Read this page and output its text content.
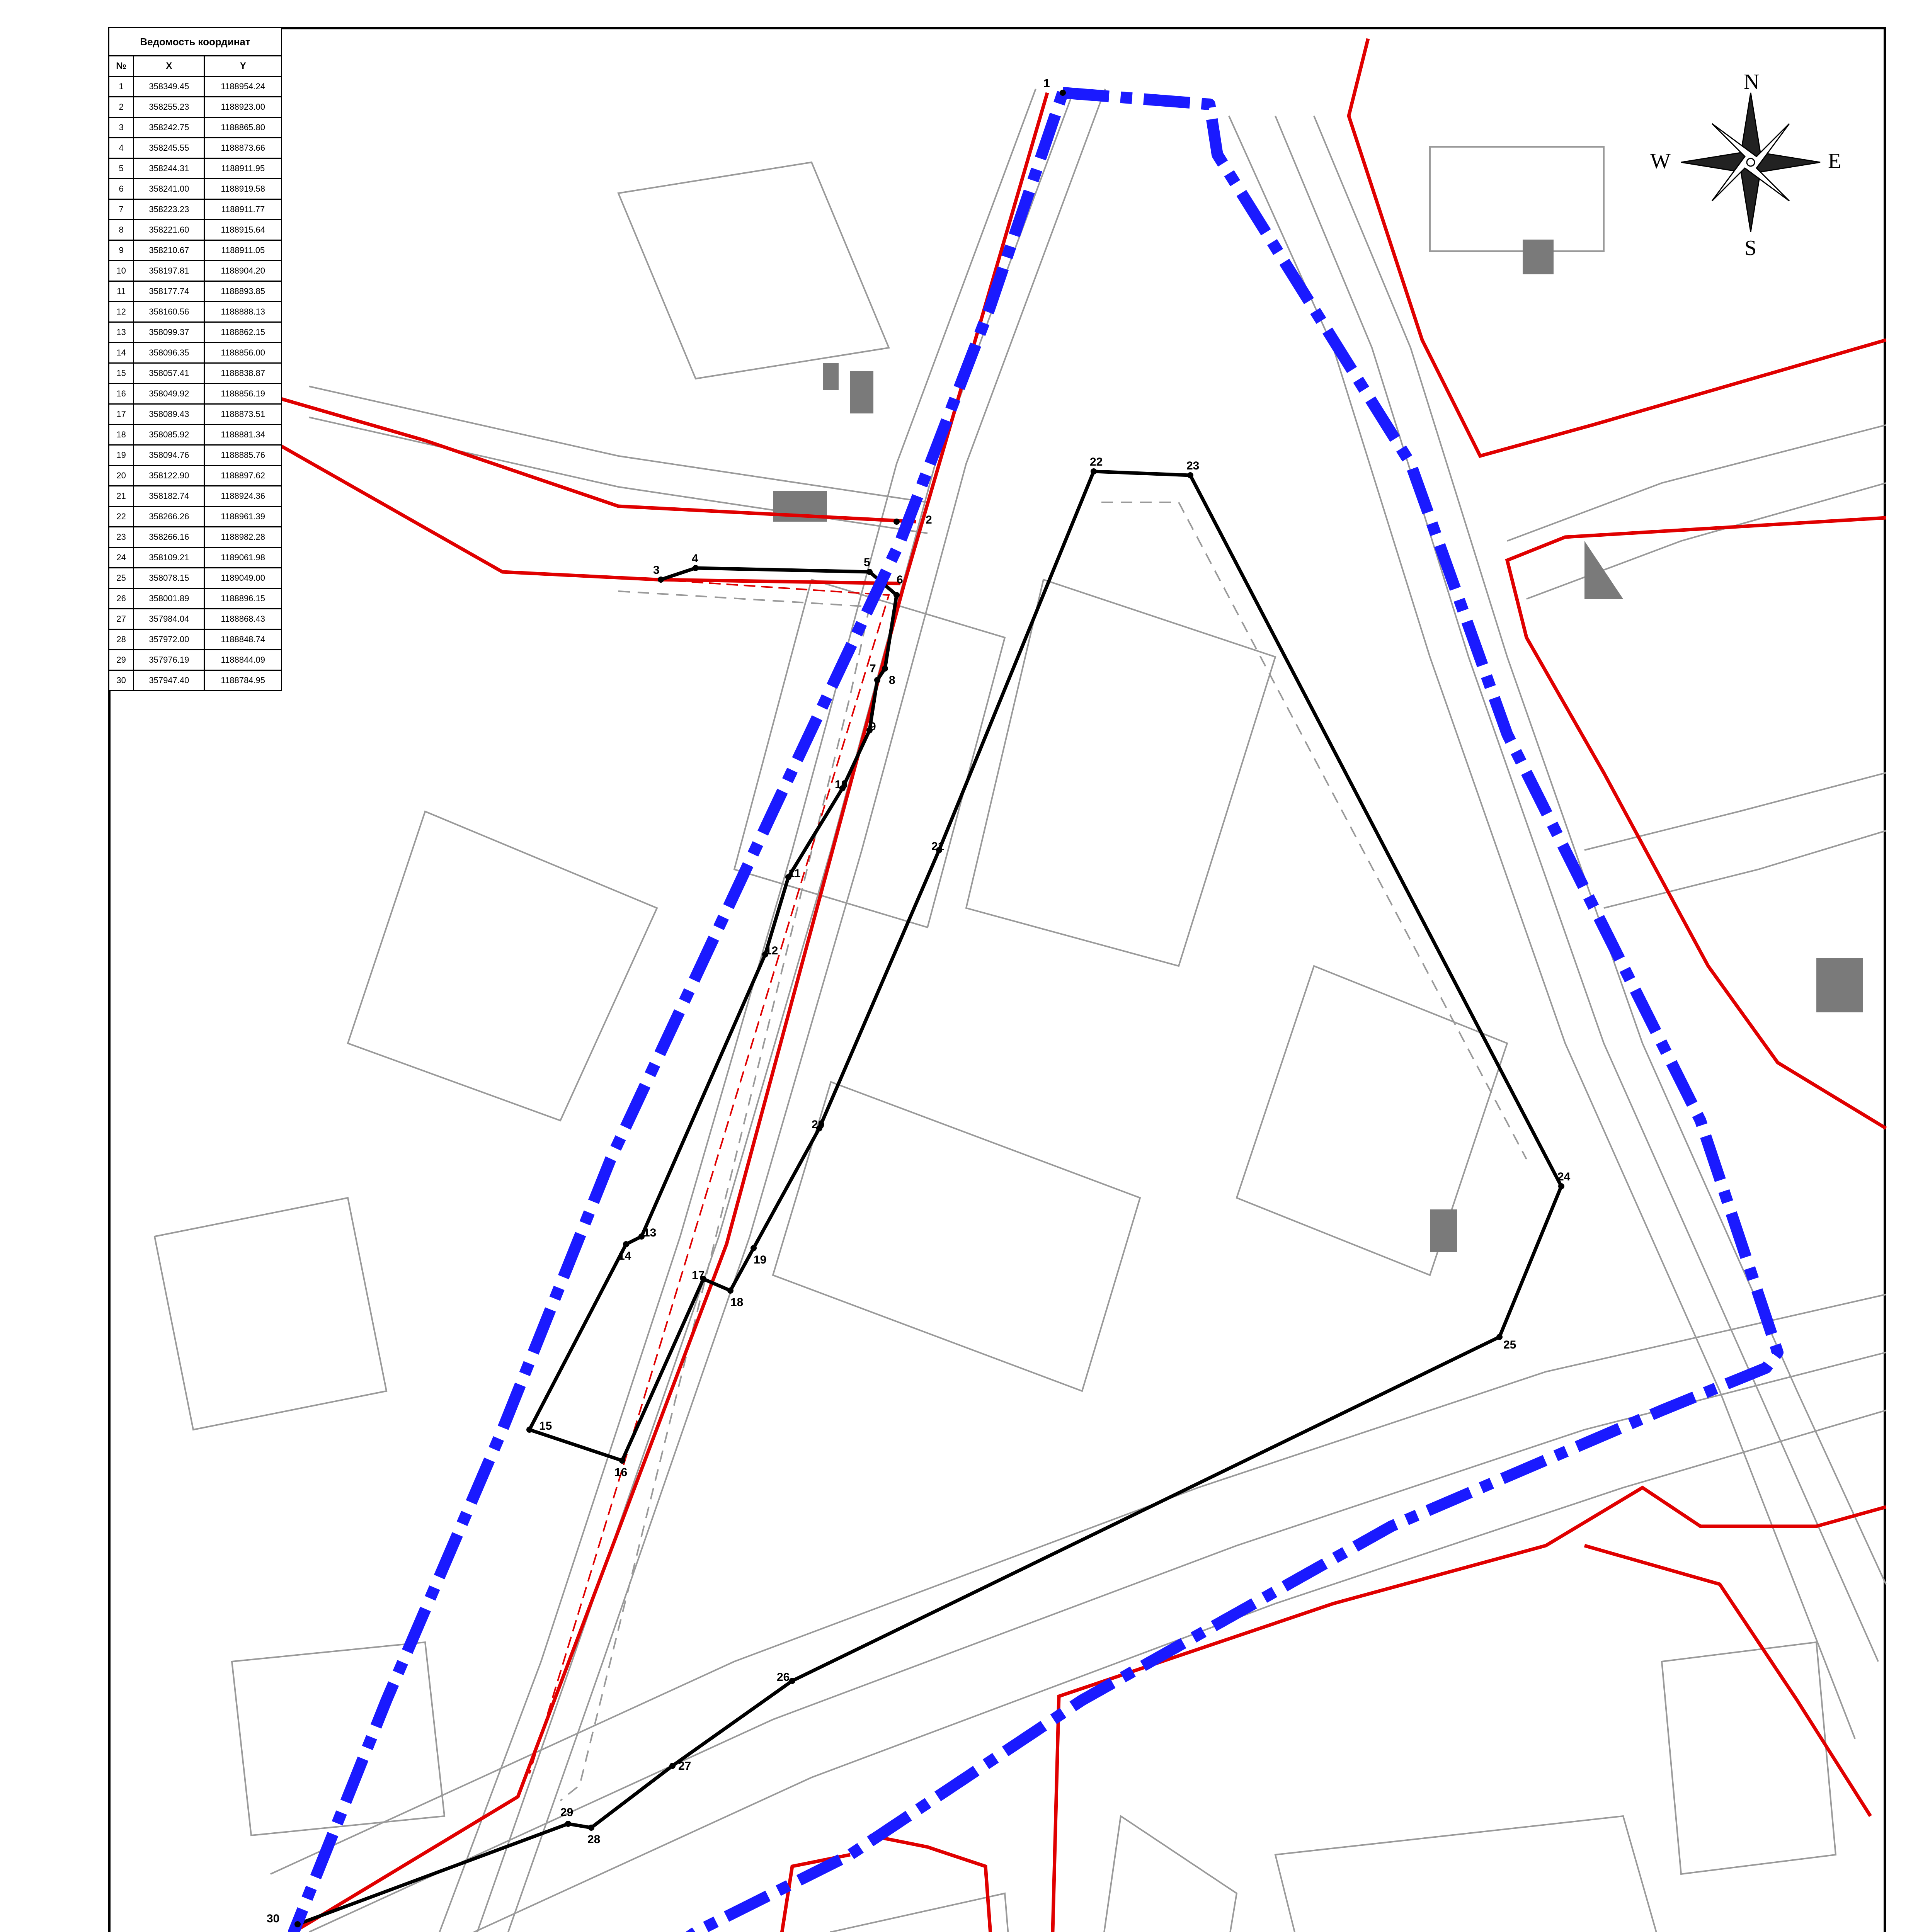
1
2
3
4	5
6
7
8
9
10
11
12
13
14
15
16
17
18
19
20
21
22	23
24
25
26
27
28
29
30
N
S
E
W
Ведомость координат		
№	X	Y
1	358349.45	1188954.24
2	358255.23	1188923.00
3	358242.75	1188865.80
4	358245.55	1188873.66
5	358244.31	1188911.95
6	358241.00	1188919.58
7	358223.23	1188911.77
8	358221.60	1188915.64
9	358210.67	1188911.05
10	358197.81	1188904.20
11	358177.74	1188893.85
12	358160.56	1188888.13
13	358099.37	1188862.15
14	358096.35	1188856.00
15	358057.41	1188838.87
16	358049.92	1188856.19
17	358089.43	1188873.51
18	358085.92	1188881.34
19	358094.76	1188885.76
20	358122.90	1188897.62
21	358182.74	1188924.36
22	358266.26	1188961.39
23	358266.16	1188982.28
24	358109.21	1189061.98
25	358078.15	1189049.00
26	358001.89	1188896.15
27	357984.04	1188868.43
28	357972.00	1188848.74
29	357976.19	1188844.09
30	357947.40	1188784.95
